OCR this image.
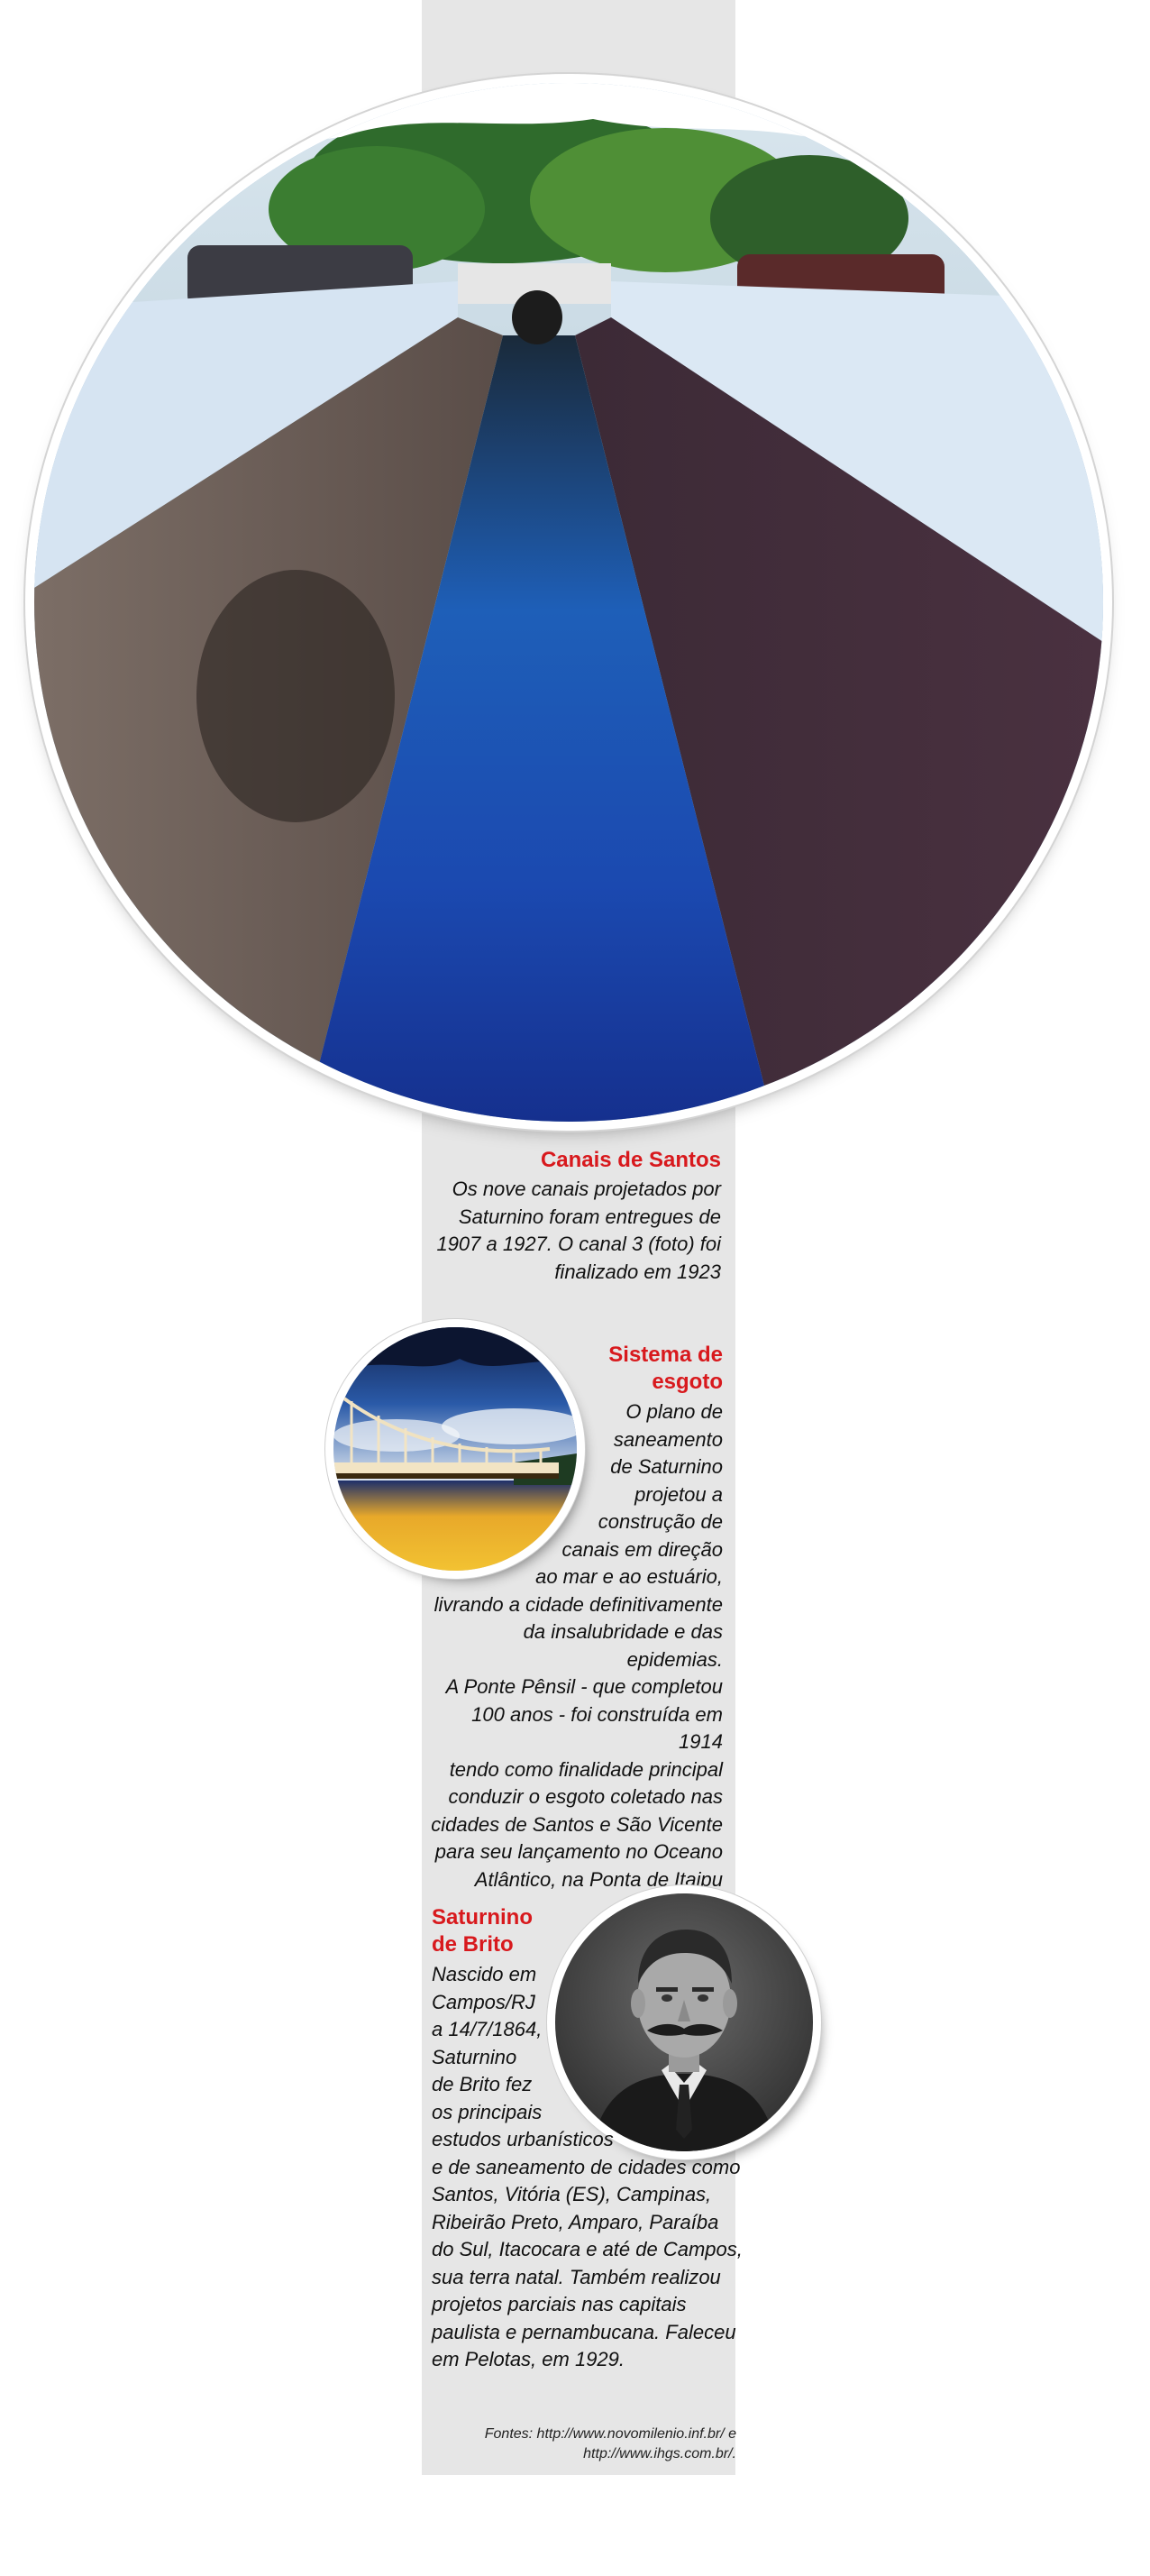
Canais de Santos
Os nove canais projetados por
Saturnino foram entregues de
1907 a 1927. O canal 3 (foto) foi
finalizado em 1923
Sistema de
esgoto
O plano de
saneamento
de Saturnino
projetou a
construção de
canais em direção
ao mar e ao estuário,
livrando a cidade definitivamente
da insalubridade e das epidemias.
A Ponte Pênsil - que completou
100 anos - foi construída em 1914
tendo como finalidade principal
conduzir o esgoto coletado nas
cidades de Santos e São Vicente
para seu lançamento no Oceano
Atlântico, na Ponta de Itaipu
Saturnino
de Brito
Nascido em
Campos/RJ
a 14/7/1864,
Saturnino
de Brito fez
os principais
estudos urbanísticos
e de saneamento de cidades como
Santos, Vitória (ES), Campinas,
Ribeirão Preto, Amparo, Paraíba
do Sul, Itacocara e até de Campos,
sua terra natal. Também realizou
projetos parciais nas capitais
paulista e pernambucana. Faleceu
em Pelotas, em 1929.
Fontes: http://www.novomilenio.inf.br/ e
http://www.ihgs.com.br/.
